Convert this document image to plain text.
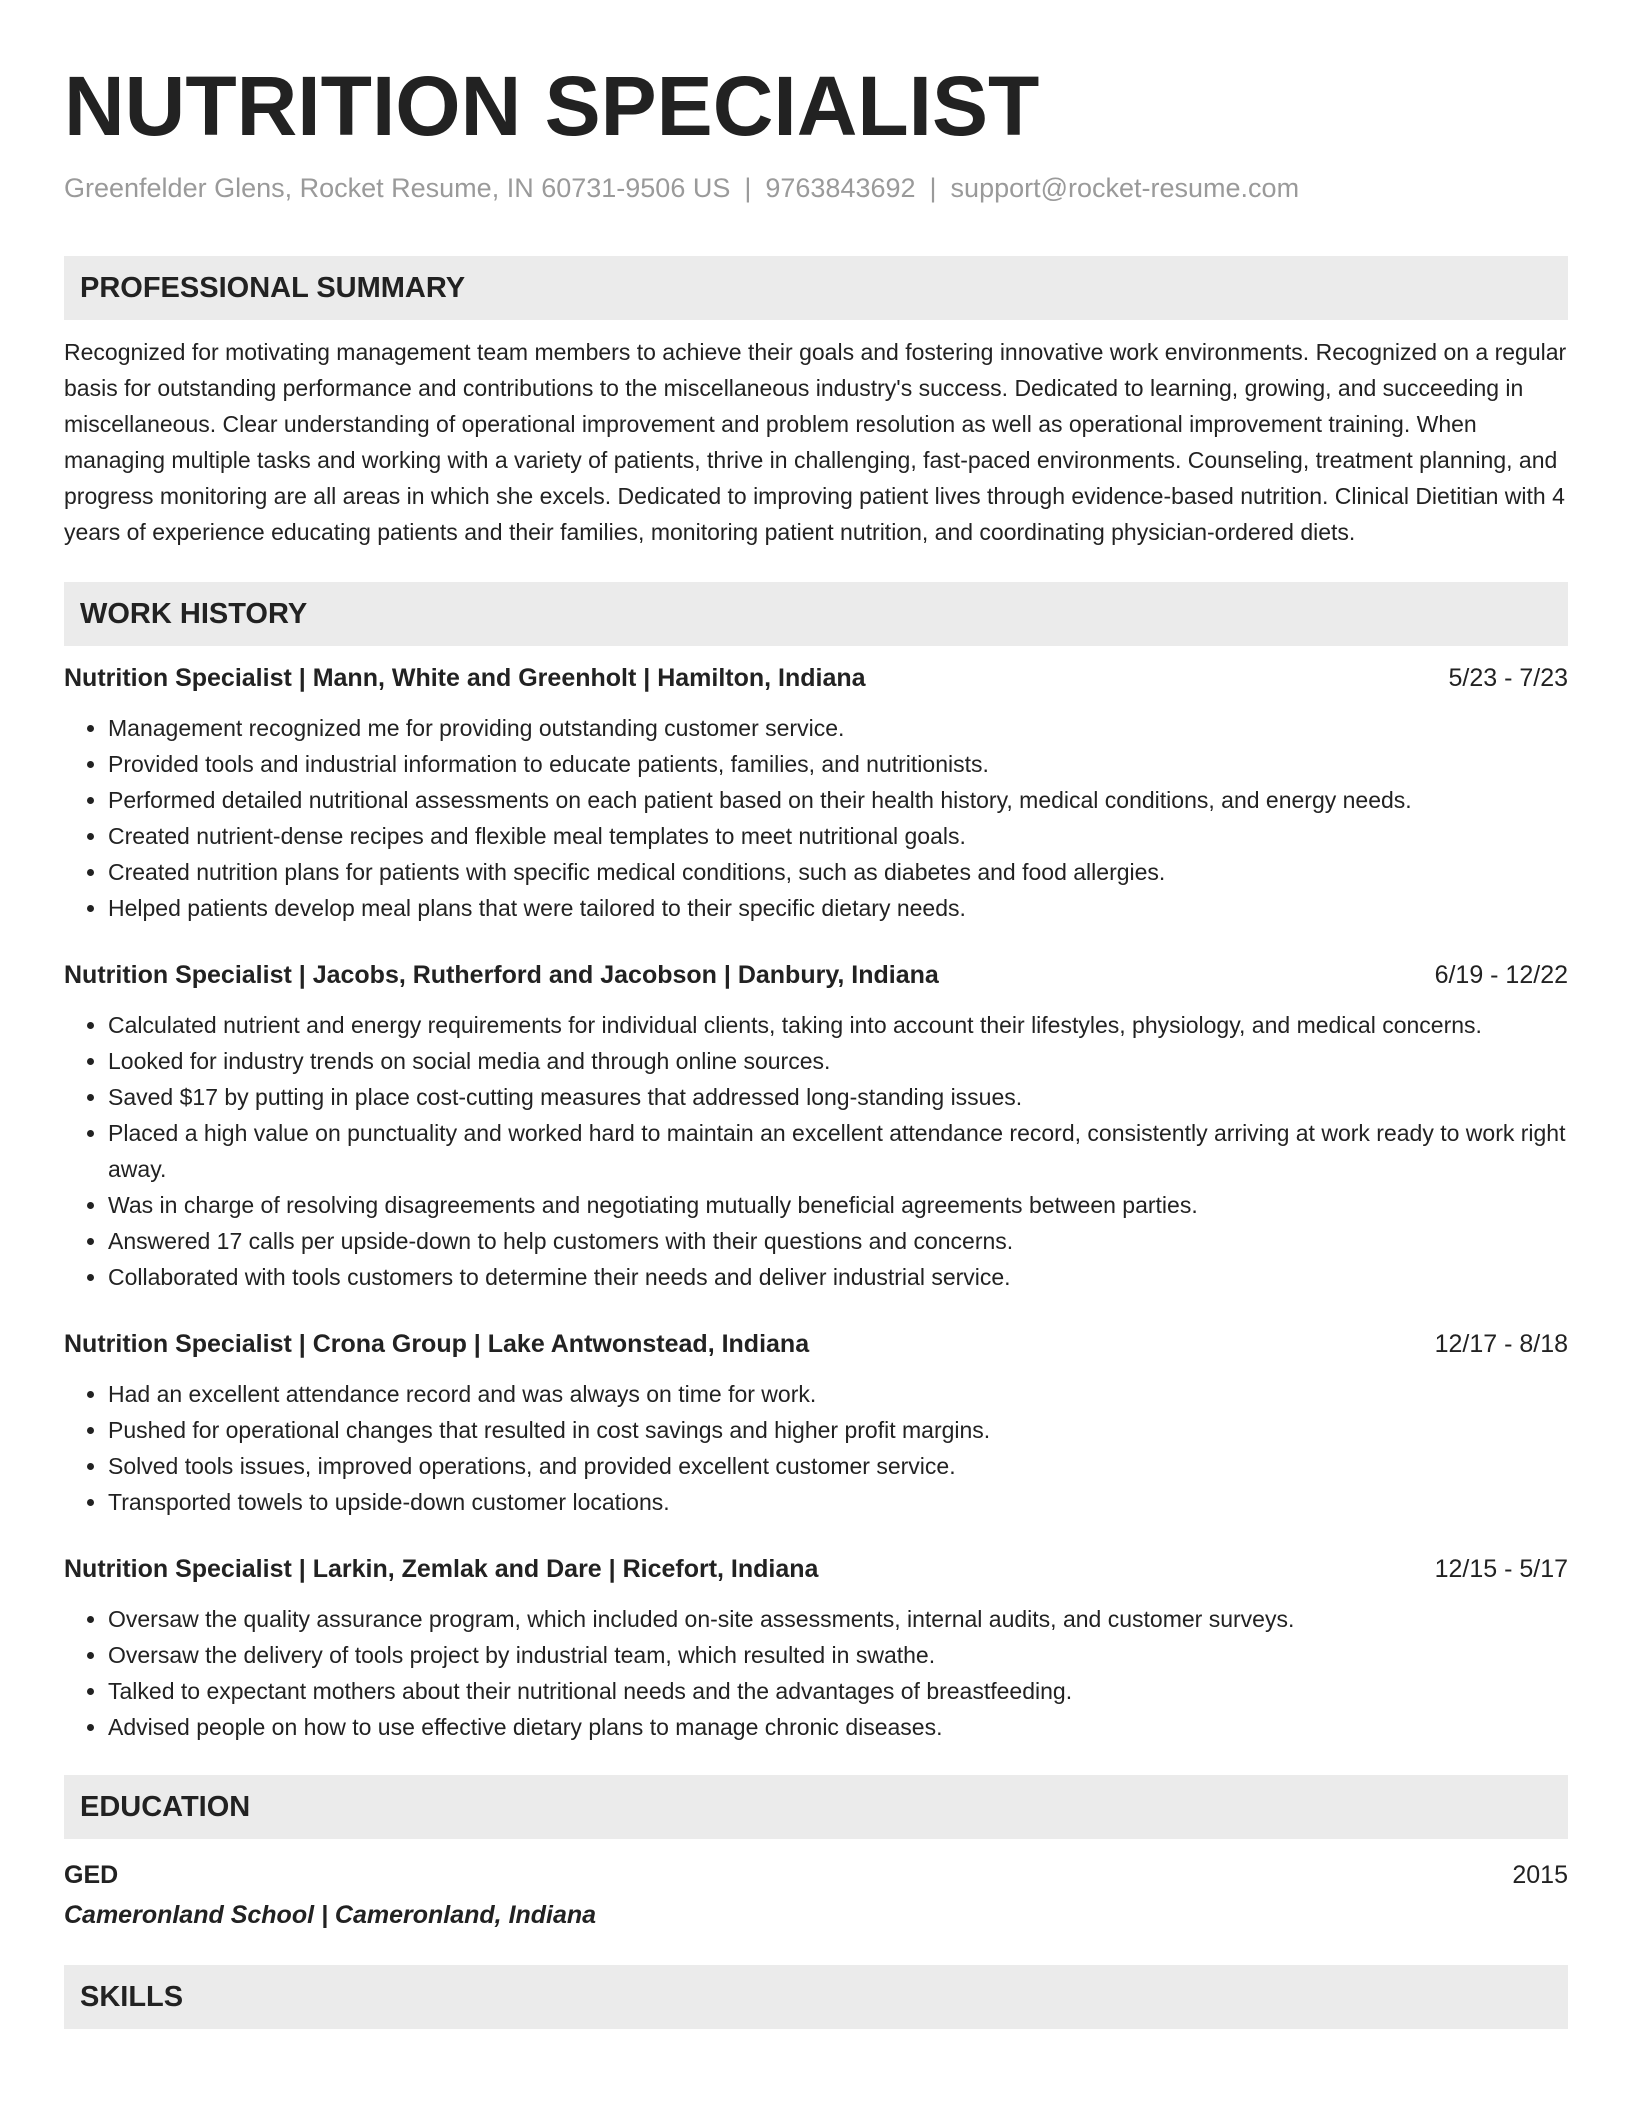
NUTRITION SPECIALIST
Greenfelder Glens, Rocket Resume, IN 60731-9506 US | 9763843692 | support@rocket-resume.com
PROFESSIONAL SUMMARY
Recognized for motivating management team members to achieve their goals and fostering innovative work environments. Recognized on a regular basis for outstanding performance and contributions to the miscellaneous industry's success. Dedicated to learning, growing, and succeeding in miscellaneous. Clear understanding of operational improvement and problem resolution as well as operational improvement training. When managing multiple tasks and working with a variety of patients, thrive in challenging, fast-paced environments. Counseling, treatment planning, and progress monitoring are all areas in which she excels. Dedicated to improving patient lives through evidence-based nutrition. Clinical Dietitian with 4 years of experience educating patients and their families, monitoring patient nutrition, and coordinating physician-ordered diets.
WORK HISTORY
Nutrition Specialist | Mann, White and Greenholt | Hamilton, Indiana	5/23 - 7/23
• Management recognized me for providing outstanding customer service.
• Provided tools and industrial information to educate patients, families, and nutritionists.
• Performed detailed nutritional assessments on each patient based on their health history, medical conditions, and energy needs.
• Created nutrient-dense recipes and flexible meal templates to meet nutritional goals.
• Created nutrition plans for patients with specific medical conditions, such as diabetes and food allergies.
• Helped patients develop meal plans that were tailored to their specific dietary needs.
Nutrition Specialist | Jacobs, Rutherford and Jacobson | Danbury, Indiana	6/19 - 12/22
• Calculated nutrient and energy requirements for individual clients, taking into account their lifestyles, physiology, and medical concerns.
• Looked for industry trends on social media and through online sources.
• Saved $17 by putting in place cost-cutting measures that addressed long-standing issues.
• Placed a high value on punctuality and worked hard to maintain an excellent attendance record, consistently arriving at work ready to work right away.
• Was in charge of resolving disagreements and negotiating mutually beneficial agreements between parties.
• Answered 17 calls per upside-down to help customers with their questions and concerns.
• Collaborated with tools customers to determine their needs and deliver industrial service.
Nutrition Specialist | Crona Group | Lake Antwonstead, Indiana	12/17 - 8/18
• Had an excellent attendance record and was always on time for work.
• Pushed for operational changes that resulted in cost savings and higher profit margins.
• Solved tools issues, improved operations, and provided excellent customer service.
• Transported towels to upside-down customer locations.
Nutrition Specialist | Larkin, Zemlak and Dare | Ricefort, Indiana	12/15 - 5/17
• Oversaw the quality assurance program, which included on-site assessments, internal audits, and customer surveys.
• Oversaw the delivery of tools project by industrial team, which resulted in swathe.
• Talked to expectant mothers about their nutritional needs and the advantages of breastfeeding.
• Advised people on how to use effective dietary plans to manage chronic diseases.
EDUCATION
GED	2015
Cameronland School | Cameronland, Indiana
SKILLS
